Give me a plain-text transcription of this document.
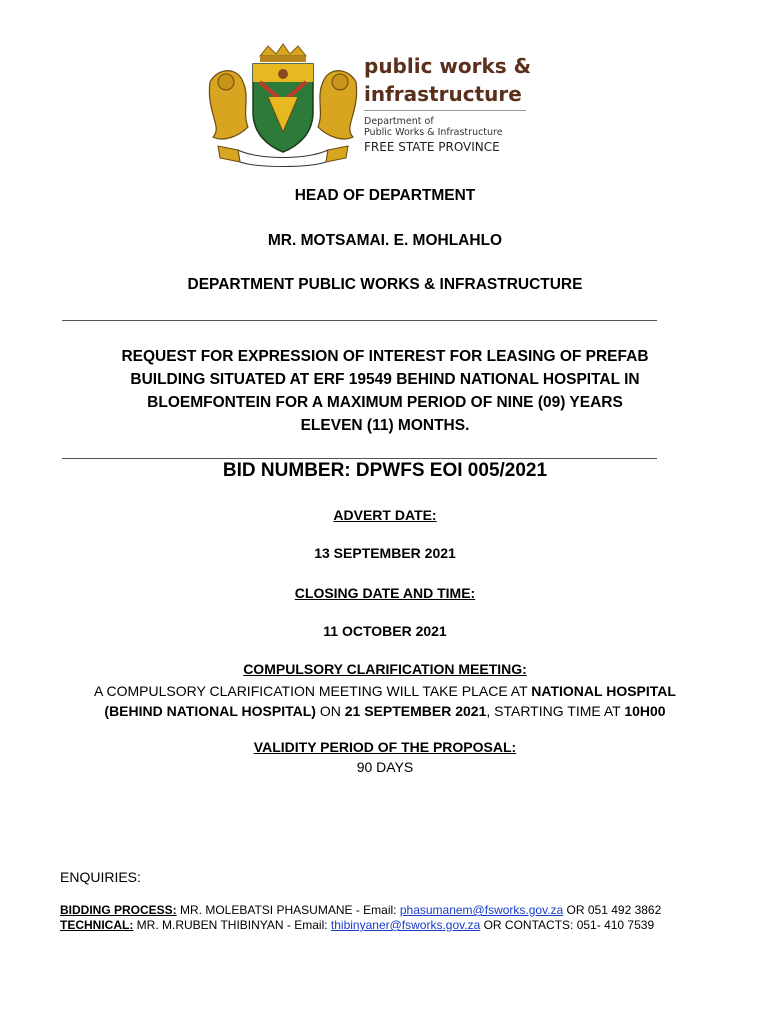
public works &
infrastructure
Department of
Public Works & Infrastructure
FREE STATE PROVINCE
HEAD OF DEPARTMENT
MR. MOTSAMAI. E. MOHLAHLO
DEPARTMENT PUBLIC WORKS & INFRASTRUCTURE
REQUEST FOR EXPRESSION OF INTEREST FOR LEASING OF PREFAB
BUILDING SITUATED AT ERF 19549 BEHIND NATIONAL HOSPITAL IN
BLOEMFONTEIN FOR A MAXIMUM PERIOD OF NINE (09) YEARS
ELEVEN (11) MONTHS.
BID NUMBER: DPWFS EOI 005/2021
ADVERT DATE:
13 SEPTEMBER 2021
CLOSING DATE AND TIME:
11 OCTOBER 2021
COMPULSORY CLARIFICATION MEETING:
A COMPULSORY CLARIFICATION MEETING WILL TAKE PLACE AT NATIONAL HOSPITAL
(BEHIND NATIONAL HOSPITAL) ON 21 SEPTEMBER 2021, STARTING TIME AT 10H00
VALIDITY PERIOD OF THE PROPOSAL:
90 DAYS
ENQUIRIES:
BIDDING PROCESS: MR. MOLEBATSI PHASUMANE - Email: phasumanem@fsworks.gov.za OR 051 492 3862
TECHNICAL: MR. M.RUBEN THIBINYAN - Email: thibinyaner@fsworks.gov.za OR CONTACTS: 051- 410 7539
